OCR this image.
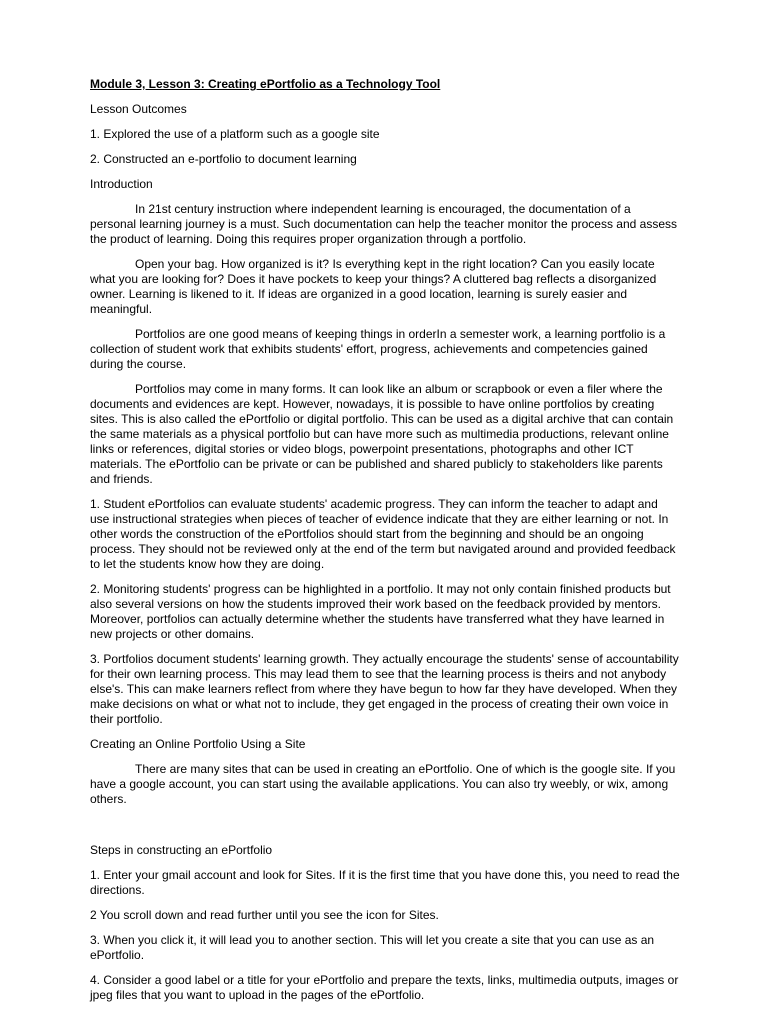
Module 3, Lesson 3: Creating ePortfolio as a Technology Tool

Lesson Outcomes

1. Explored the use of a platform such as a google site

2. Constructed an e-portfolio to document learning

Introduction

In 21st century instruction where independent learning is encouraged, the documentation of a personal learning journey is a must. Such documentation can help the teacher monitor the process and assess the product of learning. Doing this requires proper organization through a portfolio.

Open your bag. How organized is it? Is everything kept in the right location? Can you easily locate what you are looking for? Does it have pockets to keep your things? A cluttered bag reflects a disorganized owner. Learning is likened to it. If ideas are organized in a good location, learning is surely easier and meaningful.

Portfolios are one good means of keeping things in orderIn a semester work, a learning portfolio is a collection of student work that exhibits students' effort, progress, achievements and competencies gained during the course.

Portfolios may come in many forms. It can look like an album or scrapbook or even a filer where the documents and evidences are kept. However, nowadays, it is possible to have online portfolios by creating sites. This is also called the ePortfolio or digital portfolio. This can be used as a digital archive that can contain the same materials as a physical portfolio but can have more such as multimedia productions, relevant online links or references, digital stories or video blogs, powerpoint presentations, photographs and other ICT materials. The ePortfolio can be private or can be published and shared publicly to stakeholders like parents and friends.

1. Student ePortfolios can evaluate students' academic progress. They can inform the teacher to adapt and use instructional strategies when pieces of teacher of evidence indicate that they are either learning or not. In other words the construction of the ePortfolios should start from the beginning and should be an ongoing process. They should not be reviewed only at the end of the term but navigated around and provided feedback to let the students know how they are doing.

2. Monitoring students' progress can be highlighted in a portfolio. It may not only contain finished products but also several versions on how the students improved their work based on the feedback provided by mentors. Moreover, portfolios can actually determine whether the students have transferred what they have learned in new projects or other domains.

3. Portfolios document students' learning growth. They actually encourage the students' sense of accountability for their own learning process. This may lead them to see that the learning process is theirs and not anybody else's. This can make learners reflect from where they have begun to how far they have developed. When they make decisions on what or what not to include, they get engaged in the process of creating their own voice in their portfolio.

Creating an Online Portfolio Using a Site

There are many sites that can be used in creating an ePortfolio. One of which is the google site. If you have a google account, you can start using the available applications. You can also try weebly, or wix, among others.

Steps in constructing an ePortfolio

1. Enter your gmail account and look for Sites. If it is the first time that you have done this, you need to read the directions.

2 You scroll down and read further until you see the icon for Sites.

3. When you click it, it will lead you to another section. This will let you create a site that you can use as an ePortfolio.

4. Consider a good label or a title for your ePortfolio and prepare the texts, links, multimedia outputs, images or jpeg files that you want to upload in the pages of the ePortfolio.
